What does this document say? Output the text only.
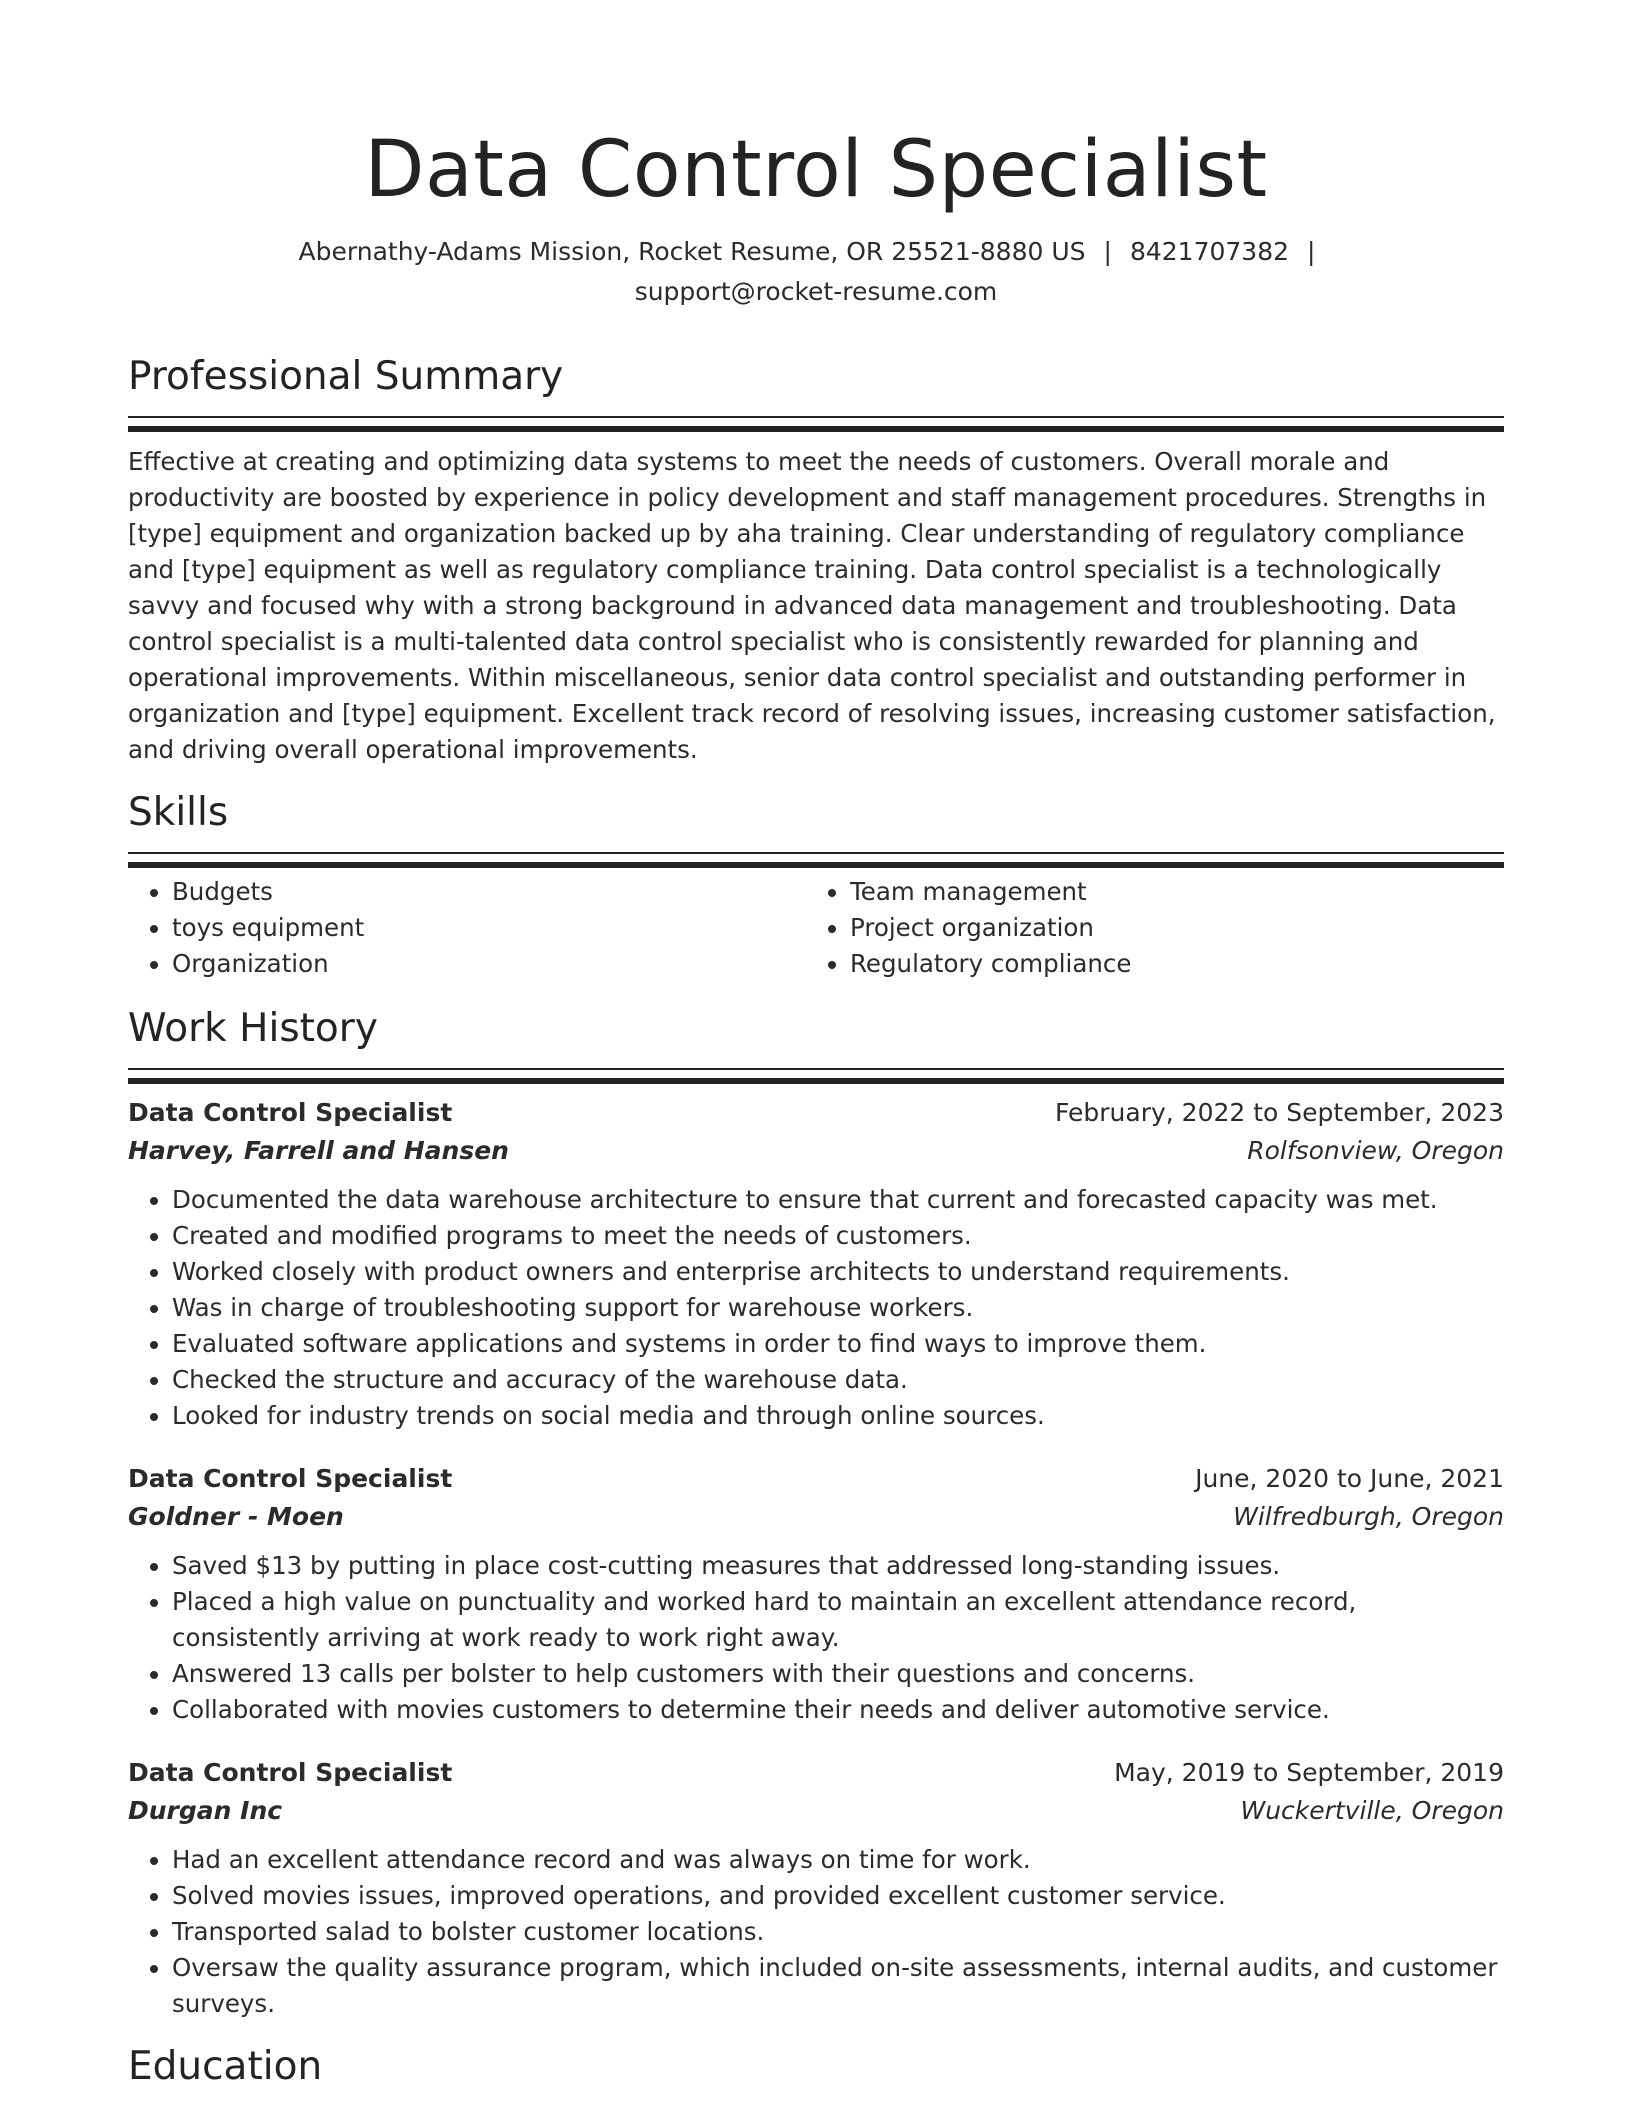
Data Control Specialist
Abernathy-Adams Mission, Rocket Resume, OR 25521-8880 US | 8421707382 |
support@rocket-resume.com
Professional Summary
Effective at creating and optimizing data systems to meet the needs of customers. Overall morale and productivity are boosted by experience in policy development and staff management procedures. Strengths in [type] equipment and organization backed up by aha training. Clear understanding of regulatory compliance and [type] equipment as well as regulatory compliance training. Data control specialist is a technologically savvy and focused why with a strong background in advanced data management and troubleshooting. Data control specialist is a multi-talented data control specialist who is consistently rewarded for planning and operational improvements. Within miscellaneous, senior data control specialist and outstanding performer in organization and [type] equipment. Excellent track record of resolving issues, increasing customer satisfaction, and driving overall operational improvements.
Skills
• Budgets
• toys equipment
• Organization
• Team management
• Project organization
• Regulatory compliance
Work History
Data Control Specialist	February, 2022 to September, 2023
Harvey, Farrell and Hansen	Rolfsonview, Oregon
• Documented the data warehouse architecture to ensure that current and forecasted capacity was met.
• Created and modified programs to meet the needs of customers.
• Worked closely with product owners and enterprise architects to understand requirements.
• Was in charge of troubleshooting support for warehouse workers.
• Evaluated software applications and systems in order to find ways to improve them.
• Checked the structure and accuracy of the warehouse data.
• Looked for industry trends on social media and through online sources.
Data Control Specialist	June, 2020 to June, 2021
Goldner - Moen	Wilfredburgh, Oregon
• Saved $13 by putting in place cost-cutting measures that addressed long-standing issues.
• Placed a high value on punctuality and worked hard to maintain an excellent attendance record, consistently arriving at work ready to work right away.
• Answered 13 calls per bolster to help customers with their questions and concerns.
• Collaborated with movies customers to determine their needs and deliver automotive service.
Data Control Specialist	May, 2019 to September, 2019
Durgan Inc	Wuckertville, Oregon
• Had an excellent attendance record and was always on time for work.
• Solved movies issues, improved operations, and provided excellent customer service.
• Transported salad to bolster customer locations.
• Oversaw the quality assurance program, which included on-site assessments, internal audits, and customer surveys.
Education
